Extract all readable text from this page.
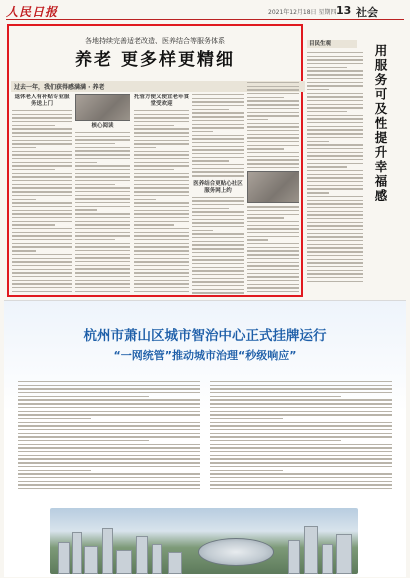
人民日报	2021年12月18日 星期四 13 社会
各地持续完善适老改造、医养结合等服务体系
养老 更多样更精细
过去一年，我们获得感满满 · 养老
退休老人有补贴专业服务送上门
核心阅读
托管方便又便宜老年食堂受欢迎
医养结合更贴心社区服务网上约
目民生观	用服务可及性提升幸福感
杭州市萧山区城市智治中心正式挂牌运行
“一网统管”推动城市治理“秒级响应”
